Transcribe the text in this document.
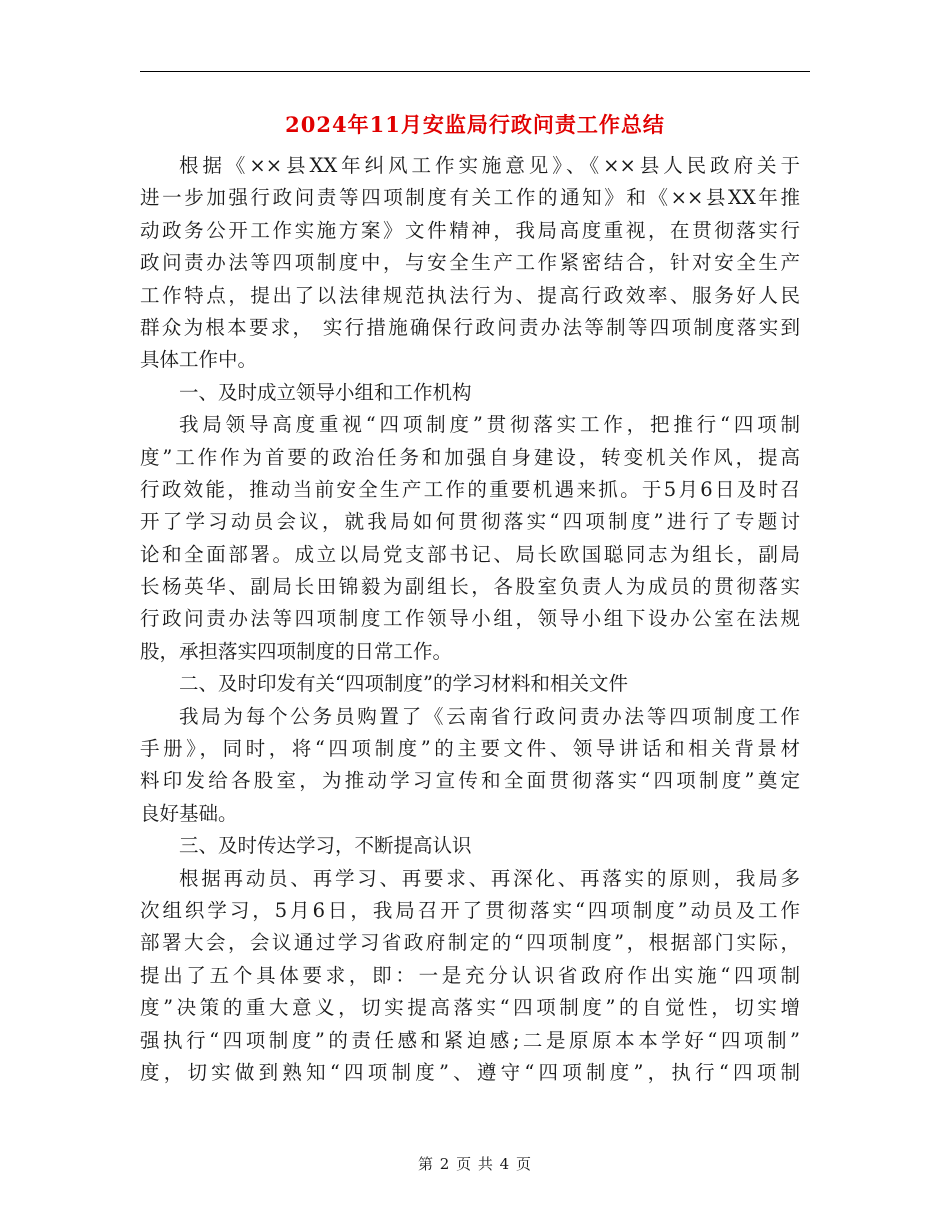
2024年11月安监局行政问责工作总结
根据《××县XX年纠风工作实施意见》、《××县人民政府关于
进一步加强行政问责等四项制度有关工作的通知》和《××县XX年推
动政务公开工作实施方案》文件精神，我局高度重视，在贯彻落实行
政问责办法等四项制度中，与安全生产工作紧密结合，针对安全生产
工作特点，提出了以法律规范执法行为、提高行政效率、服务好人民
群众为根本要求， 实行措施确保行政问责办法等制等四项制度落实到
具体工作中。
一、及时成立领导小组和工作机构
我局领导高度重视“四项制度”贯彻落实工作，把推行“四项制
度”工作作为首要的政治任务和加强自身建设，转变机关作风，提高
行政效能，推动当前安全生产工作的重要机遇来抓。于5月6日及时召
开了学习动员会议，就我局如何贯彻落实“四项制度”进行了专题讨
论和全面部署。成立以局党支部书记、局长欧国聪同志为组长，副局
长杨英华、副局长田锦毅为副组长，各股室负责人为成员的贯彻落实
行政问责办法等四项制度工作领导小组，领导小组下设办公室在法规
股，承担落实四项制度的日常工作。
二、及时印发有关“四项制度”的学习材料和相关文件
我局为每个公务员购置了《云南省行政问责办法等四项制度工作
手册》，同时，将“四项制度”的主要文件、领导讲话和相关背景材
料印发给各股室，为推动学习宣传和全面贯彻落实“四项制度”奠定
良好基础。
三、及时传达学习，不断提高认识
根据再动员、再学习、再要求、再深化、再落实的原则，我局多
次组织学习，5月6日，我局召开了贯彻落实“四项制度”动员及工作
部署大会，会议通过学习省政府制定的“四项制度”，根据部门实际，
提出了五个具体要求，即：一是充分认识省政府作出实施“四项制
度”决策的重大意义，切实提高落实“四项制度”的自觉性，切实增
强执行“四项制度”的责任感和紧迫感;二是原原本本学好“四项制”
度，切实做到熟知“四项制度”、遵守“四项制度”，执行“四项制
第 2 页 共 4 页
